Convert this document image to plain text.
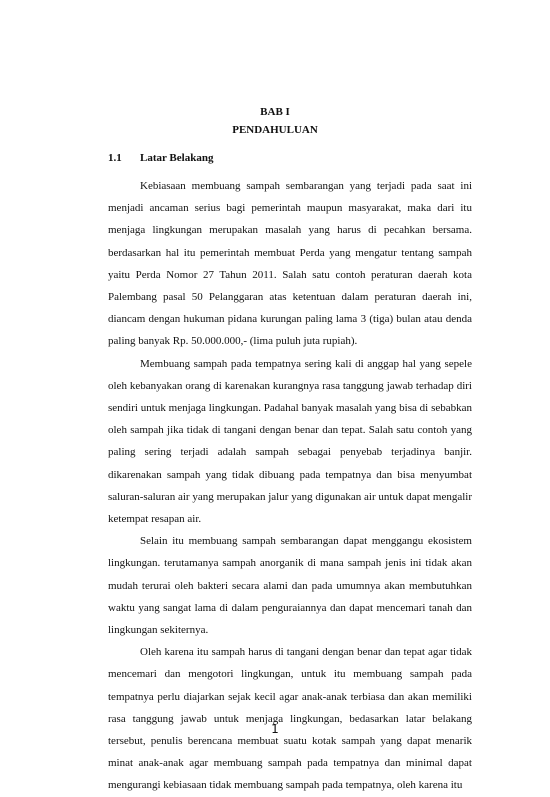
BAB I
PENDAHULUAN
1.1 Latar Belakang

Kebiasaan membuang sampah sembarangan yang terjadi pada saat ini menjadi ancaman serius bagi pemerintah maupun masyarakat, maka dari itu menjaga lingkungan merupakan masalah yang harus di pecahkan bersama. berdasarkan hal itu pemerintah membuat Perda yang mengatur tentang sampah yaitu Perda Nomor 27 Tahun 2011. Salah satu contoh peraturan daerah kota Palembang pasal 50 Pelanggaran atas ketentuan dalam peraturan daerah ini, diancam dengan hukuman pidana kurungan paling lama 3 (tiga) bulan atau denda paling banyak Rp. 50.000.000,- (lima puluh juta rupiah).

Membuang sampah pada tempatnya sering kali di anggap hal yang sepele oleh kebanyakan orang di karenakan kurangnya rasa tanggung jawab terhadap diri sendiri untuk menjaga lingkungan. Padahal banyak masalah yang bisa di sebabkan oleh sampah jika tidak di tangani dengan benar dan tepat. Salah satu contoh yang paling sering terjadi adalah sampah sebagai penyebab terjadinya banjir. dikarenakan sampah yang tidak dibuang pada tempatnya dan bisa menyumbat saluran-saluran air yang merupakan jalur yang digunakan air untuk dapat mengalir ketempat resapan air.

Selain itu membuang sampah sembarangan dapat menggangu ekosistem lingkungan. terutamanya sampah anorganik di mana sampah jenis ini tidak akan mudah terurai oleh bakteri secara alami dan pada umumnya akan membutuhkan waktu yang sangat lama di dalam penguraiannya dan dapat mencemari tanah dan lingkungan sekiternya.

Oleh karena itu sampah harus di tangani dengan benar dan tepat agar tidak mencemari dan mengotori lingkungan, untuk itu membuang sampah pada tempatnya perlu diajarkan sejak kecil agar anak-anak terbiasa dan akan memiliki rasa tanggung jawab untuk menjaga lingkungan, bedasarkan latar belakang tersebut, penulis berencana membuat suatu kotak sampah yang dapat menarik minat anak-anak agar membuang sampah pada tempatnya dan minimal dapat mengurangi kebiasaan tidak membuang sampah pada tempatnya, oleh karena itu

1
